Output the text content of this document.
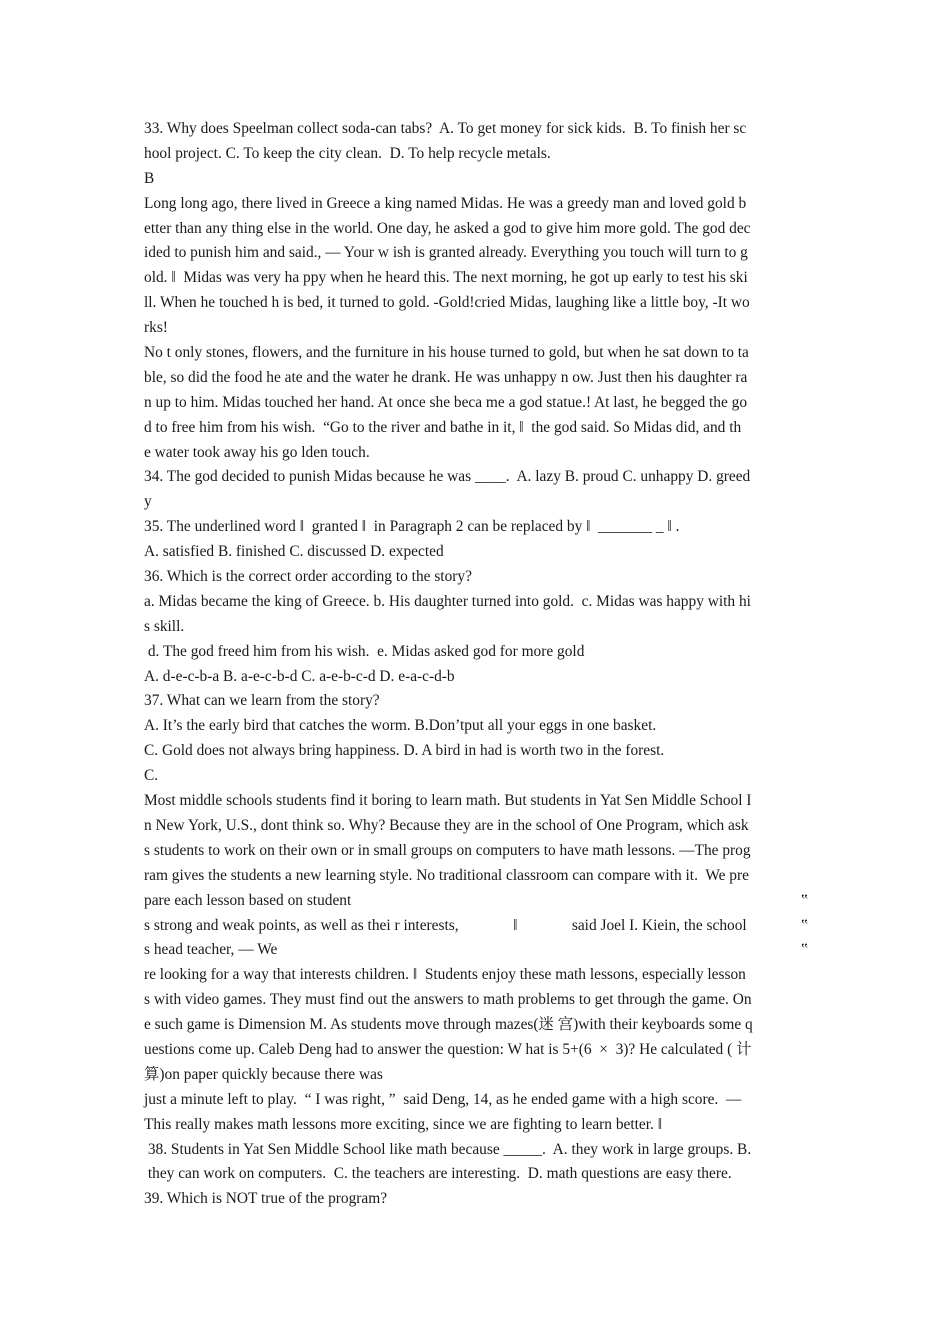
33. Why does Speelman collect soda-can tabs?  A. To get money for sick kids.  B. To finish her sc
hool project. C. To keep the city clean.  D. To help recycle metals.
B
Long long ago, there lived in Greece a king named Midas. He was a greedy man and loved gold b
etter than any thing else in the world. One day, he asked a god to give him more gold. The god dec
ided to punish him and said., ― Your w ish is granted already. Everything you touch will turn to g
old. ‖  Midas was very ha ppy when he heard this. The next morning, he got up early to test his ski
ll. When he touched h is bed, it turned to gold. -Gold!cried Midas, laughing like a little boy, -It wo
rks!
No t only stones, flowers, and the furniture in his house turned to gold, but when he sat down to ta
ble, so did the food he ate and the water he drank. He was unhappy n ow. Just then his daughter ra
n up to him. Midas touched her hand. At once she beca me a god statue.! At last, he begged the go
d to free him from his wish.  “Go to the river and bathe in it, ‖  the god said. So Midas did, and th
e water took away his go lden touch.
34. The god decided to punish Midas because he was ____.  A. lazy B. proud C. unhappy D. greed
y
35. The underlined word ‖  granted ‖  in Paragraph 2 can be replaced by ‖  _______ _ ‖ .
A. satisfied B. finished C. discussed D. expected
36. Which is the correct order according to the story?
a. Midas became the king of Greece. b. His daughter turned into gold.  c. Midas was happy with hi
s skill.
d. The god freed him from his wish.  e. Midas asked god for more gold
A. d-e-c-b-a B. a-e-c-b-d C. a-e-b-c-d D. e-a-c-d-b
37. What can we learn from the story?
A. It’s the early bird that catches the worm. B.Don’tput all your eggs in one basket.
C. Gold does not always bring happiness. D. A bird in had is worth two in the forest.
C.
Most middle schools students find it boring to learn math. But students in Yat Sen Middle School I
n New York, U.S., dont think so. Why? Because they are in the school of One Program, which ask
s students to work on their own or in small groups on computers to have math lessons. ―The prog
ram gives the students a new learning style. No traditional classroom can compare with it.  We pre
pare each lesson based on student	‟
s strong and weak points, as well as thei r interests,	‖	said Joel I. Kiein, the school	‟
s head teacher, ― We	‟
re looking for a way that interests children. ‖  Students enjoy these math lessons, especially lesson
s with video games. They must find out the answers to math problems to get through the game. On
e such game is Dimension M. As students move through mazes(迷 宫)with their keyboards some q
uestions come up. Caleb Deng had to answer the question: W hat is 5+(6  ×  3)? He calculated ( 计
算)on paper quickly because there was
just a minute left to play.  “ I was right, ”  said Deng, 14, as he ended game with a high score.  ―
This really makes math lessons more exciting, since we are fighting to learn better. ‖
38. Students in Yat Sen Middle School like math because _____.  A. they work in large groups. B.
they can work on computers.  C. the teachers are interesting.  D. math questions are easy there.
39. Which is NOT true of the program?
